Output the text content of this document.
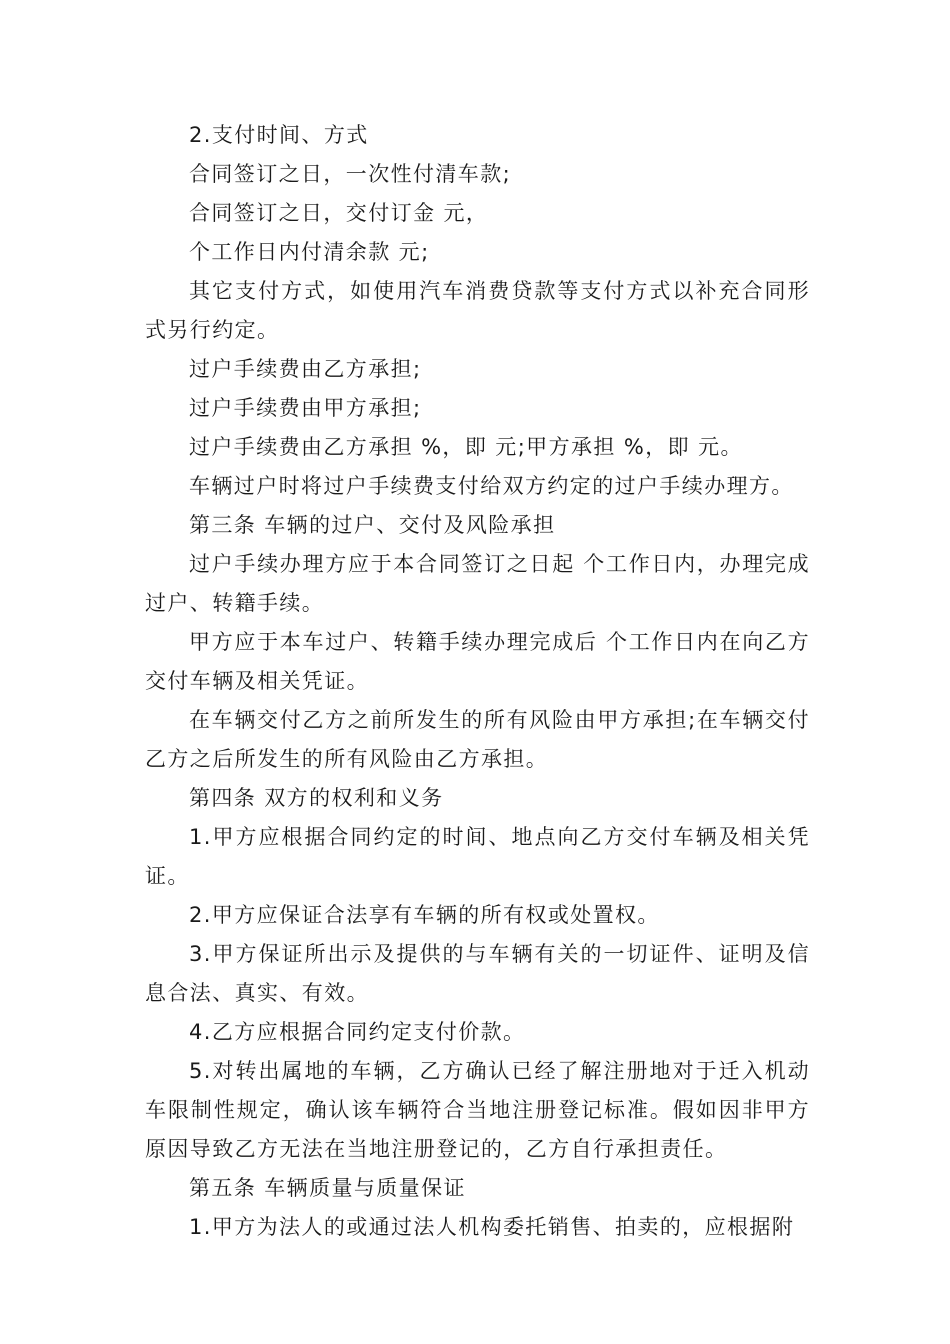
2.支付时间、方式

合同签订之日，一次性付清车款;

合同签订之日，交付订金 元，

个工作日内付清余款 元;

其它支付方式，如使用汽车消费贷款等支付方式以补充合同形式另行约定。

过户手续费由乙方承担;

过户手续费由甲方承担;

过户手续费由乙方承担 %，即 元;甲方承担 %，即 元。

车辆过户时将过户手续费支付给双方约定的过户手续办理方。

第三条 车辆的过户、交付及风险承担

过户手续办理方应于本合同签订之日起 个工作日内，办理完成过户、转籍手续。

甲方应于本车过户、转籍手续办理完成后 个工作日内在向乙方交付车辆及相关凭证。

在车辆交付乙方之前所发生的所有风险由甲方承担;在车辆交付乙方之后所发生的所有风险由乙方承担。

第四条 双方的权利和义务

1.甲方应根据合同约定的时间、地点向乙方交付车辆及相关凭证。

2.甲方应保证合法享有车辆的所有权或处置权。

3.甲方保证所出示及提供的与车辆有关的一切证件、证明及信息合法、真实、有效。

4.乙方应根据合同约定支付价款。

5.对转出属地的车辆，乙方确认已经了解注册地对于迁入机动车限制性规定，确认该车辆符合当地注册登记标准。假如因非甲方原因导致乙方无法在当地注册登记的，乙方自行承担责任。

第五条 车辆质量与质量保证

1.甲方为法人的或通过法人机构委托销售、拍卖的，应根据附
